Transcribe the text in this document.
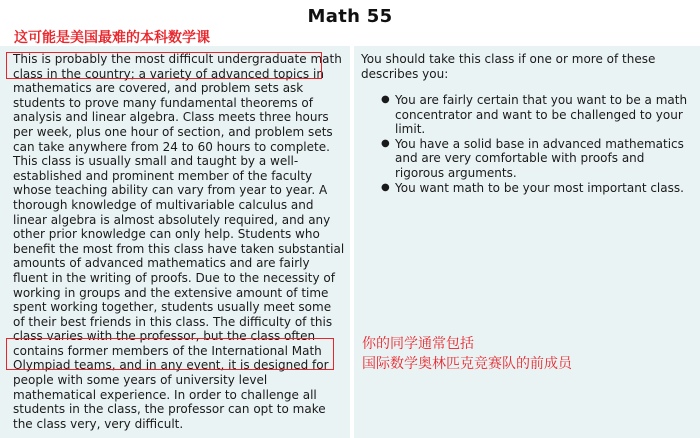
Math 55
这可能是美国最难的本科数学课

This is probably the most difficult undergraduate math class in the country; a variety of advanced topics in mathematics are covered, and problem sets ask students to prove many fundamental theorems of analysis and linear algebra. Class meets three hours per week, plus one hour of section, and problem sets can take anywhere from 24 to 60 hours to complete. This class is usually small and taught by a well-established and prominent member of the faculty whose teaching ability can vary from year to year. A thorough knowledge of multivariable calculus and linear algebra is almost absolutely required, and any other prior knowledge can only help. Students who benefit the most from this class have taken substantial amounts of advanced mathematics and are fairly fluent in the writing of proofs. Due to the necessity of working in groups and the extensive amount of time spent working together, students usually meet some of their best friends in this class. The difficulty of this class varies with the professor, but the class often contains former members of the International Math Olympiad teams, and in any event, it is designed for people with some years of university level mathematical experience. In order to challenge all students in the class, the professor can opt to make the class very, very difficult.

You should take this class if one or more of these describes you:

● You are fairly certain that you want to be a math concentrator and want to be challenged to your limit.
● You have a solid base in advanced mathematics and are very comfortable with proofs and rigorous arguments.
● You want math to be your most important class.
你的同学通常包括
国际数学奥林匹克竞赛队的前成员
